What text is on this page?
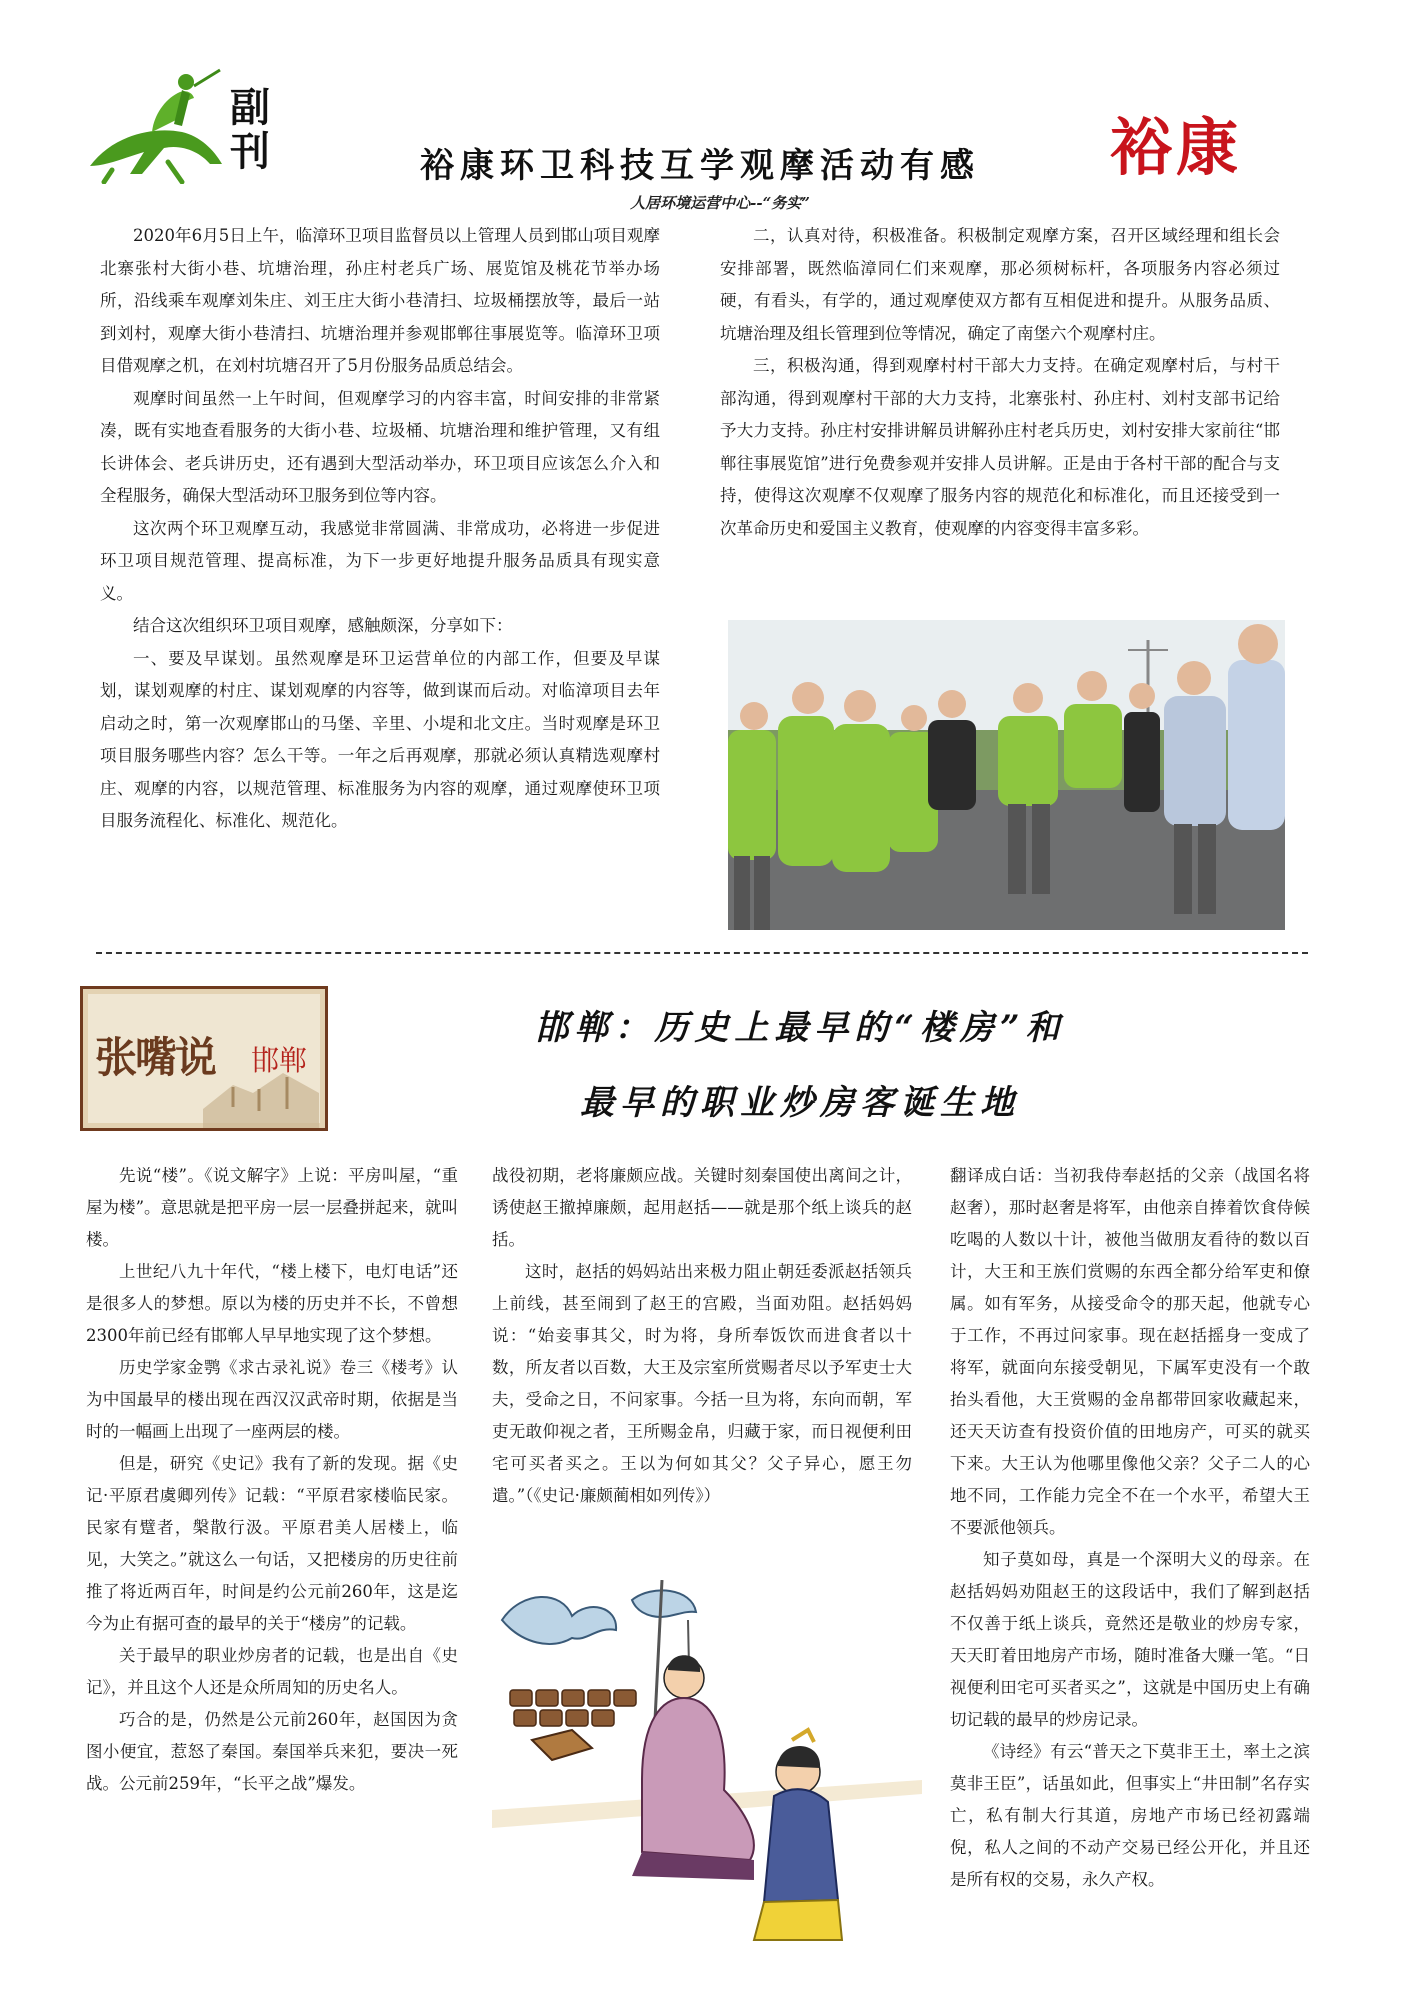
副刊	裕康
裕康环卫科技互学观摩活动有感
人居环境运营中心--“务实”

2020年6月5日上午，临漳环卫项目监督员以上管理人员到邯山项目观摩北寨张村大街小巷、坑塘治理，孙庄村老兵广场、展览馆及桃花节举办场所，沿线乘车观摩刘朱庄、刘王庄大街小巷清扫、垃圾桶摆放等，最后一站到刘村，观摩大街小巷清扫、坑塘治理并参观邯郸往事展览等。临漳环卫项目借观摩之机，在刘村坑塘召开了5月份服务品质总结会。

观摩时间虽然一上午时间，但观摩学习的内容丰富，时间安排的非常紧凑，既有实地查看服务的大街小巷、垃圾桶、坑塘治理和维护管理，又有组长讲体会、老兵讲历史，还有遇到大型活动举办，环卫项目应该怎么介入和全程服务，确保大型活动环卫服务到位等内容。

这次两个环卫观摩互动，我感觉非常圆满、非常成功，必将进一步促进环卫项目规范管理、提高标准，为下一步更好地提升服务品质具有现实意义。

结合这次组织环卫项目观摩，感触颇深，分享如下：

一、要及早谋划。虽然观摩是环卫运营单位的内部工作，但要及早谋划，谋划观摩的村庄、谋划观摩的内容等，做到谋而后动。对临漳项目去年启动之时，第一次观摩邯山的马堡、辛里、小堤和北文庄。当时观摩是环卫项目服务哪些内容？怎么干等。一年之后再观摩，那就必须认真精选观摩村庄、观摩的内容，以规范管理、标准服务为内容的观摩，通过观摩使环卫项目服务流程化、标准化、规范化。

二，认真对待，积极准备。积极制定观摩方案，召开区域经理和组长会安排部署，既然临漳同仁们来观摩，那必须树标杆，各项服务内容必须过硬，有看头，有学的，通过观摩使双方都有互相促进和提升。从服务品质、坑塘治理及组长管理到位等情况，确定了南堡六个观摩村庄。

三，积极沟通，得到观摩村村干部大力支持。在确定观摩村后，与村干部沟通，得到观摩村干部的大力支持，北寨张村、孙庄村、刘村支部书记给予大力支持。孙庄村安排讲解员讲解孙庄村老兵历史，刘村安排大家前往“邯郸往事展览馆”进行免费参观并安排人员讲解。正是由于各村干部的配合与支持，使得这次观摩不仅观摩了服务内容的规范化和标准化，而且还接受到一次革命历史和爱国主义教育，使观摩的内容变得丰富多彩。

张嘴说 邯郸
邯郸：历史上最早的“楼房”和
最早的职业炒房客诞生地

先说“楼”。《说文解字》上说：平房叫屋，“重屋为楼”。意思就是把平房一层一层叠拼起来，就叫楼。

上世纪八九十年代，“楼上楼下，电灯电话”还是很多人的梦想。原以为楼的历史并不长，不曾想2300年前已经有邯郸人早早地实现了这个梦想。

历史学家金鹗《求古录礼说》卷三《楼考》认为中国最早的楼出现在西汉汉武帝时期，依据是当时的一幅画上出现了一座两层的楼。

但是，研究《史记》我有了新的发现。据《史记·平原君虞卿列传》记载：“平原君家楼临民家。民家有躄者，槃散行汲。平原君美人居楼上，临见，大笑之。”就这么一句话，又把楼房的历史往前推了将近两百年，时间是约公元前260年，这是迄今为止有据可查的最早的关于“楼房”的记载。

关于最早的职业炒房者的记载，也是出自《史记》，并且这个人还是众所周知的历史名人。

巧合的是，仍然是公元前260年，赵国因为贪图小便宜，惹怒了秦国。秦国举兵来犯，要决一死战。公元前259年，“长平之战”爆发。

战役初期，老将廉颇应战。关键时刻秦国使出离间之计，诱使赵王撤掉廉颇，起用赵括——就是那个纸上谈兵的赵括。

这时，赵括的妈妈站出来极力阻止朝廷委派赵括领兵上前线，甚至闹到了赵王的宫殿，当面劝阻。赵括妈妈说：“始妾事其父，时为将，身所奉饭饮而进食者以十数，所友者以百数，大王及宗室所赏赐者尽以予军吏士大夫，受命之日，不问家事。今括一旦为将，东向而朝，军吏无敢仰视之者，王所赐金帛，归藏于家，而日视便利田宅可买者买之。王以为何如其父？父子异心，愿王勿遣。”（《史记·廉颇蔺相如列传》）

翻译成白话：当初我侍奉赵括的父亲（战国名将赵奢），那时赵奢是将军，由他亲自捧着饮食侍候吃喝的人数以十计，被他当做朋友看待的数以百计，大王和王族们赏赐的东西全都分给军吏和僚属。如有军务，从接受命令的那天起，他就专心于工作，不再过问家事。现在赵括摇身一变成了将军，就面向东接受朝见，下属军吏没有一个敢抬头看他，大王赏赐的金帛都带回家收藏起来，还天天访查有投资价值的田地房产，可买的就买下来。大王认为他哪里像他父亲？父子二人的心地不同，工作能力完全不在一个水平，希望大王不要派他领兵。

知子莫如母，真是一个深明大义的母亲。在赵括妈妈劝阻赵王的这段话中，我们了解到赵括不仅善于纸上谈兵，竟然还是敬业的炒房专家，天天盯着田地房产市场，随时准备大赚一笔。“日视便利田宅可买者买之”，这就是中国历史上有确切记载的最早的炒房记录。

《诗经》有云“普天之下莫非王土，率土之滨莫非王臣”，话虽如此，但事实上“井田制”名存实亡，私有制大行其道，房地产市场已经初露端倪，私人之间的不动产交易已经公开化，并且还是所有权的交易，永久产权。
